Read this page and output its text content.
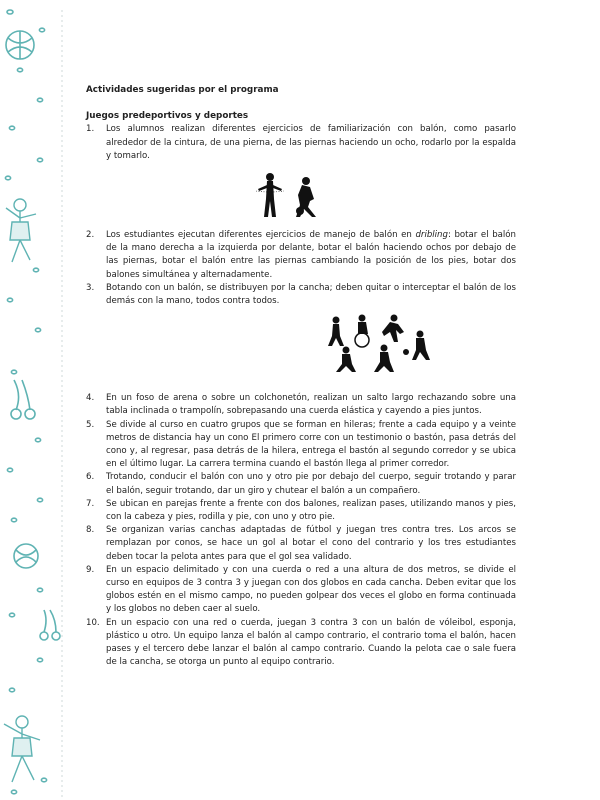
Actividades sugeridas por el programa
Juegos predeportivos y deportes
1.	Los alumnos realizan diferentes ejercicios de familiarización con balón, como pasarlo alrededor de la cintura, de una pierna, de las piernas haciendo un ocho, rodarlo por la espalda y tomarlo.
2.	Los estudiantes ejecutan diferentes ejercicios de manejo de balón en dribling: botar el balón de la mano derecha a la izquierda por delante, botar el balón haciendo ochos por debajo de las piernas, botar el balón entre las piernas cambiando la posición de los pies, botar dos balones simultánea y alternadamente.
3.	Botando con un balón, se distribuyen por la cancha; deben quitar o interceptar el balón de los demás con la mano, todos contra todos.
4.	En un foso de arena o sobre un colchonetón, realizan un salto largo rechazando sobre una tabla inclinada o trampolín, sobrepasando una cuerda elástica y cayendo a pies juntos.
5.	Se divide al curso en cuatro grupos que se forman en hileras; frente a cada equipo y a veinte metros de distancia hay un cono El primero corre con un testimonio o bastón, pasa detrás del cono y, al regresar, pasa detrás de la hilera, entrega el bastón al segundo corredor y se ubica en el último lugar. La carrera termina cuando el bastón llega al primer corredor.
6.	Trotando, conducir el balón con uno y otro pie por debajo del cuerpo, seguir trotando y parar el balón, seguir trotando, dar un giro y chutear el balón a un compañero.
7.	Se ubican en parejas frente a frente con dos balones, realizan pases, utilizando manos y pies, con la cabeza y pies, rodilla y pie, con uno y otro pie.
8.	Se organizan varias canchas adaptadas de fútbol y juegan tres contra tres. Los arcos se remplazan por conos, se hace un gol al botar el cono del contrario y los tres estudiantes deben tocar la pelota antes para que el gol sea validado.
9.	En un espacio delimitado y con una cuerda o red a una altura de dos metros, se divide el curso en equipos de 3 contra 3 y juegan con dos globos en cada cancha. Deben evitar que los globos estén en el mismo campo, no pueden golpear dos veces el globo en forma continuada y los globos no deben caer al suelo.
10. En un espacio con una red o cuerda, juegan 3 contra 3 con un balón de vóleibol, esponja, plástico u otro. Un equipo lanza el balón al campo contrario, el contrario toma el balón, hacen pases y el tercero debe lanzar el balón al campo contrario. Cuando la pelota cae o sale fuera de la cancha, se otorga un punto al equipo contrario.
